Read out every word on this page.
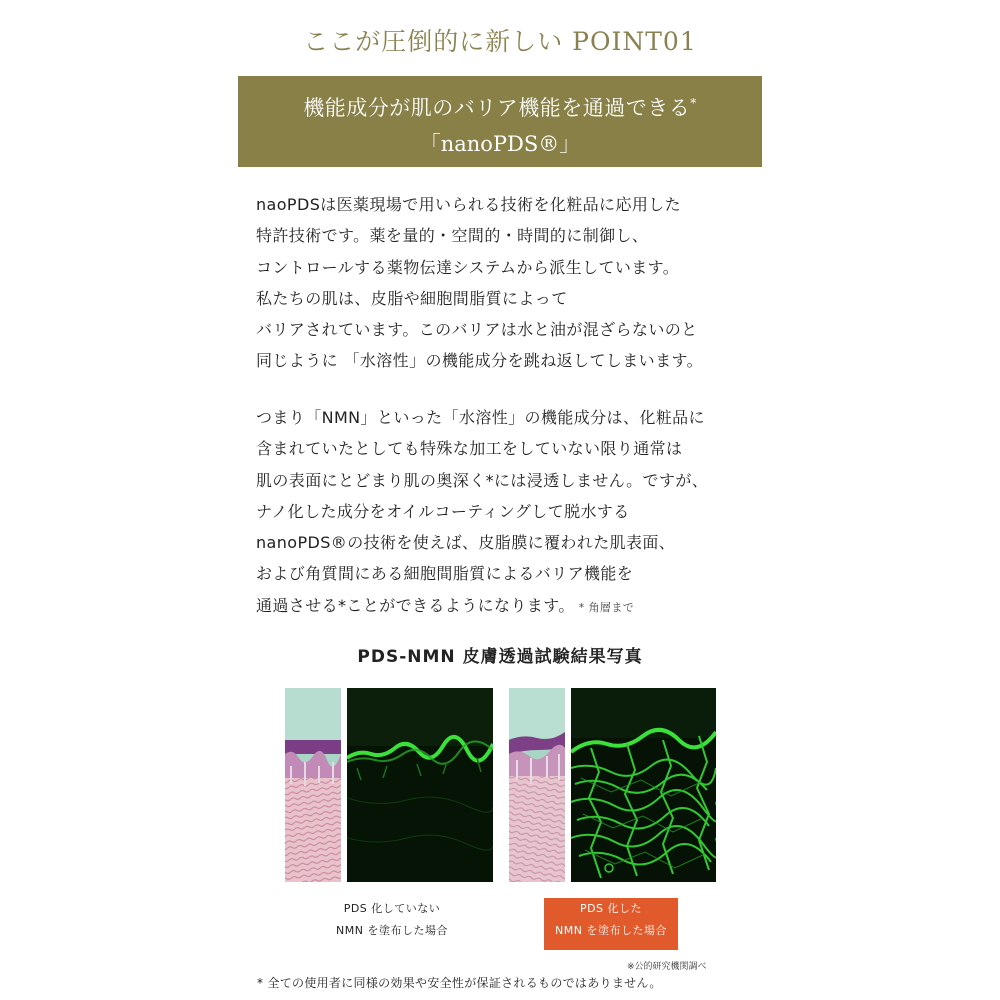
ここが圧倒的に新しい POINT01
機能成分が肌のバリア機能を通過できる*
「nanoPDS®」
naoPDSは医薬現場で用いられる技術を化粧品に応用した
特許技術です。薬を量的・空間的・時間的に制御し、
コントロールする薬物伝達システムから派生しています。
私たちの肌は、皮脂や細胞間脂質によって
バリアされています。このバリアは水と油が混ざらないのと
同じように 「水溶性」の機能成分を跳ね返してしまいます。
つまり「NMN」といった「水溶性」の機能成分は、化粧品に
含まれていたとしても特殊な加工をしていない限り通常は
肌の表面にとどまり肌の奥深く*には浸透しません。ですが、
ナノ化した成分をオイルコーティングして脱水する
nanoPDS®の技術を使えば、皮脂膜に覆われた肌表面、
および角質間にある細胞間脂質によるバリア機能を
通過させる*ことができるようになります。 * 角層まで
PDS-NMN 皮膚透過試験結果写真
PDS 化していない
NMN を塗布した場合
PDS 化した
NMN を塗布した場合
※公的研究機関調べ
* 全ての使用者に同様の効果や安全性が保証されるものではありません。
